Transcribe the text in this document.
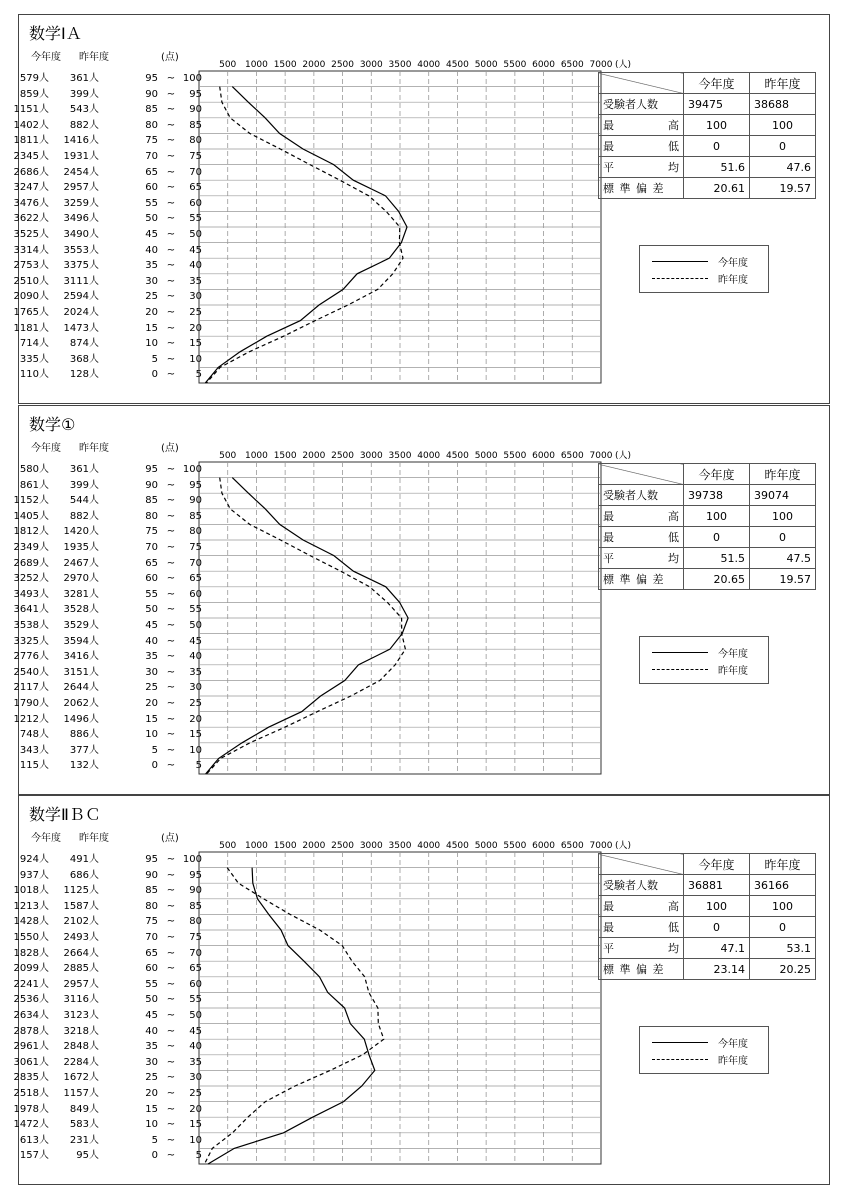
数学ⅠＡ
今年度 昨年度	(点)
579人 361人	95 ~ 100
859人 399人	90 ~ 95
1151人 543人	85 ~ 90
1402人 882人	80 ~ 85
1811人 1416人	75 ~ 80
2345人 1931人	70 ~ 75
2686人 2454人	65 ~ 70
3247人 2957人	60 ~ 65
3476人 3259人	55 ~ 60
3622人 3496人	50 ~ 55
3525人 3490人	45 ~ 50
3314人 3553人	40 ~ 45
2753人 3375人	35 ~ 40
2510人 3111人	30 ~ 35
2090人 2594人	25 ~ 30
1765人 2024人	20 ~ 25
1181人 1473人	15 ~ 20
714人 874人	10 ~ 15
335人 368人	5 ~ 10
110人 128人	0 ~ 5
500 1000 1500 2000 2500 3000 3500 4000 4500 5000 5500 6000 6500 7000 (人)
	今年度	昨年度
受験者人数	39475	38688
最　　高	100	100
最　　低	0	0
平　　均	51.6	47.6
標 準 偏 差	20.61	19.57
今年度
昨年度
数学①
今年度 昨年度	(点)
580人 361人	95 ~ 100
861人 399人	90 ~ 95
1152人 544人	85 ~ 90
1405人 882人	80 ~ 85
1812人 1420人	75 ~ 80
2349人 1935人	70 ~ 75
2689人 2467人	65 ~ 70
3252人 2970人	60 ~ 65
3493人 3281人	55 ~ 60
3641人 3528人	50 ~ 55
3538人 3529人	45 ~ 50
3325人 3594人	40 ~ 45
2776人 3416人	35 ~ 40
2540人 3151人	30 ~ 35
2117人 2644人	25 ~ 30
1790人 2062人	20 ~ 25
1212人 1496人	15 ~ 20
748人 886人	10 ~ 15
343人 377人	5 ~ 10
115人 132人	0 ~ 5
500 1000 1500 2000 2500 3000 3500 4000 4500 5000 5500 6000 6500 7000 (人)
	今年度	昨年度
受験者人数	39738	39074
最　　高	100	100
最　　低	0	0
平　　均	51.5	47.5
標 準 偏 差	20.65	19.57
今年度
昨年度
数学ⅡＢＣ
今年度 昨年度	(点)
924人 491人	95 ~ 100
937人 686人	90 ~ 95
1018人 1125人	85 ~ 90
1213人 1587人	80 ~ 85
1428人 2102人	75 ~ 80
1550人 2493人	70 ~ 75
1828人 2664人	65 ~ 70
2099人 2885人	60 ~ 65
2241人 2957人	55 ~ 60
2536人 3116人	50 ~ 55
2634人 3123人	45 ~ 50
2878人 3218人	40 ~ 45
2961人 2848人	35 ~ 40
3061人 2284人	30 ~ 35
2835人 1672人	25 ~ 30
2518人 1157人	20 ~ 25
1978人 849人	15 ~ 20
1472人 583人	10 ~ 15
613人 231人	5 ~ 10
157人	95人	0 ~ 5
500 1000 1500 2000 2500 3000 3500 4000 4500 5000 5500 6000 6500 7000 (人)
	今年度	昨年度
受験者人数	36881	36166
最　　高	100	100
最　　低	0	0
平　　均	47.1	53.1
標 準 偏 差	23.14	20.25
今年度
昨年度
